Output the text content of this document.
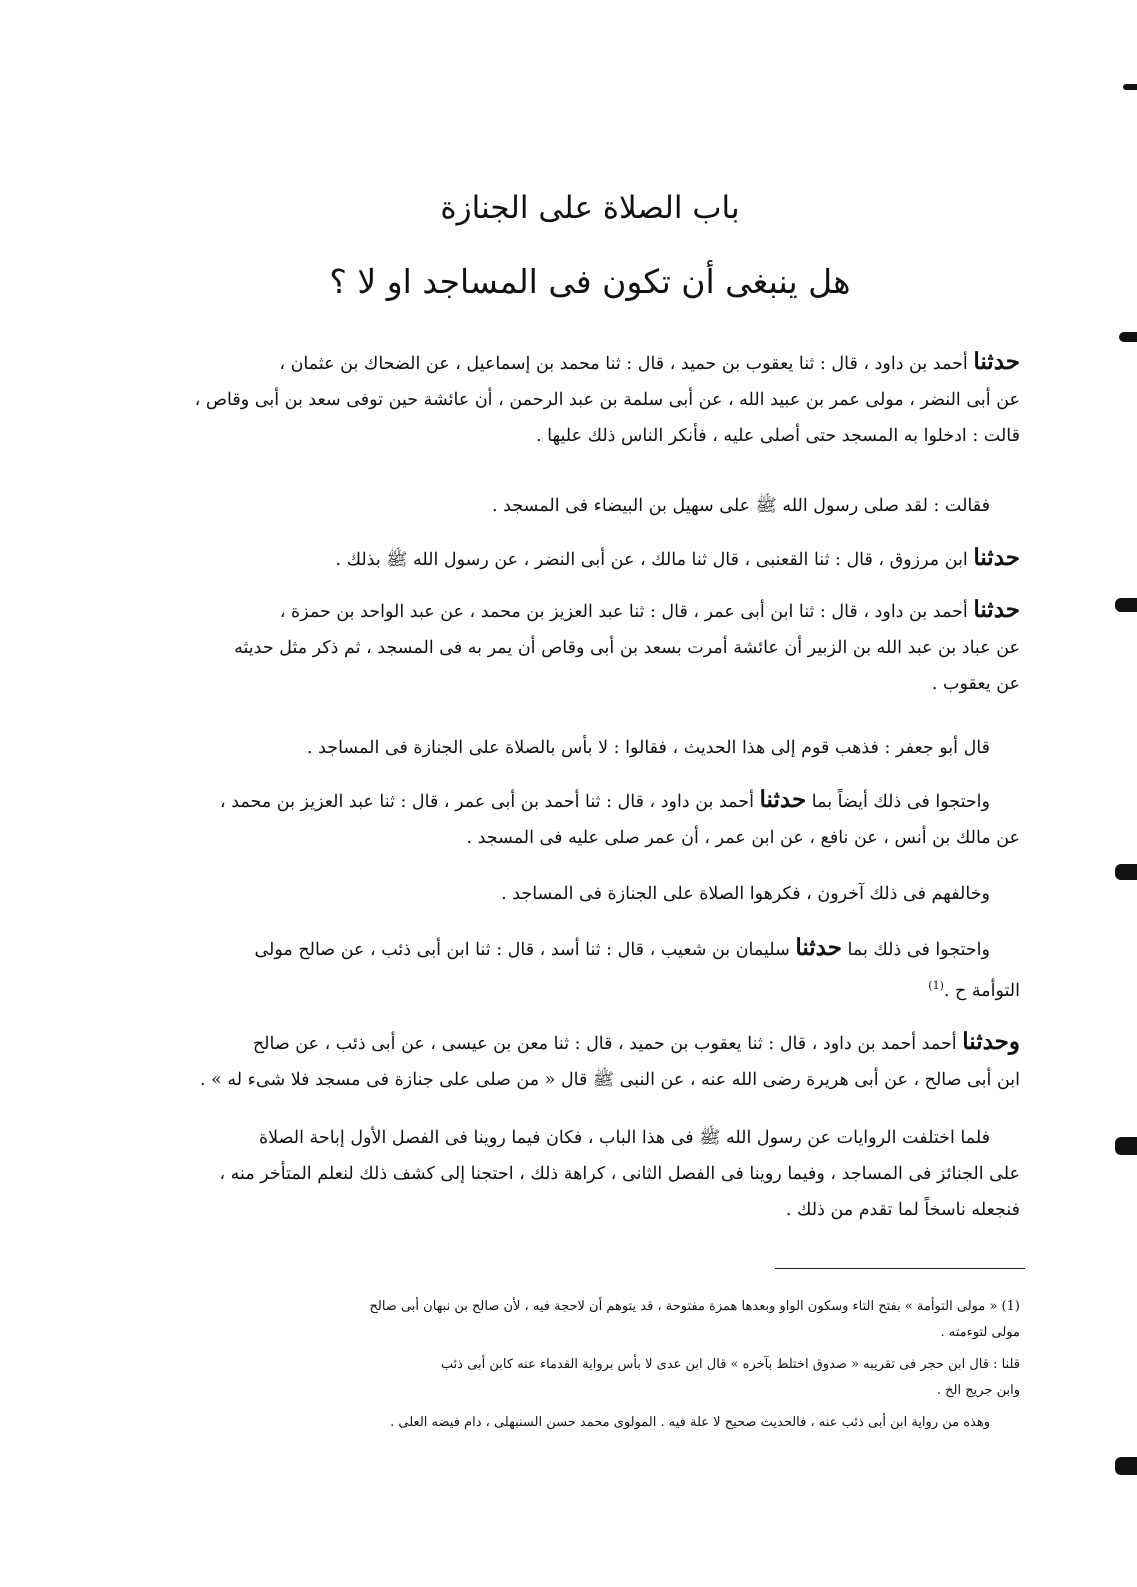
باب الصلاة على الجنازة
هل ينبغى أن تكون فى المساجد او لا ؟

حدثنا أحمد بن داود ، قال : ثنا يعقوب بن حميد ، قال : ثنا محمد بن إسماعيل ، عن الضحاك بن عثمان ،

عن أبى النضر ، مولى عمر بن عبيد الله ، عن أبى سلمة بن عبد الرحمن ، أن عائشة حين توفى سعد بن أبى وقاص ،

قالت : ادخلوا به المسجد حتى أصلى عليه ، فأنكر الناس ذلك عليها .

فقالت : لقد صلى رسول الله ﷺ على سهيل بن البيضاء فى المسجد .

حدثنا ابن مرزوق ، قال : ثنا القعنبى ، قال ثنا مالك ، عن أبى النضر ، عن رسول الله ﷺ بذلك .

حدثنا أحمد بن داود ، قال : ثنا ابن أبى عمر ، قال : ثنا عبد العزيز بن محمد ، عن عبد الواحد بن حمزة ،

عن عباد بن عبد الله بن الزبير أن عائشة أمرت بسعد بن أبى وقاص أن يمر به فى المسجد ، ثم ذكر مثل حديثه

عن يعقوب .

قال أبو جعفر : فذهب قوم إلى هذا الحديث ، فقالوا : لا بأس بالصلاة على الجنازة فى المساجد .

واحتجوا فى ذلك أيضاً بما حدثنا أحمد بن داود ، قال : ثنا أحمد بن أبى عمر ، قال : ثنا عبد العزيز بن محمد ،

عن مالك بن أنس ، عن نافع ، عن ابن عمر ، أن عمر صلى عليه فى المسجد .

وخالفهم فى ذلك آخرون ، فكرهوا الصلاة على الجنازة فى المساجد .

واحتجوا فى ذلك بما حدثنا سليمان بن شعيب ، قال : ثنا أسد ، قال : ثنا ابن أبى ذئب ، عن صالح مولى

التوأمة ح .$^{(1)}$

وحدثنا أحمد أحمد بن داود ، قال : ثنا يعقوب بن حميد ، قال : ثنا معن بن عيسى ، عن أبى ذئب ، عن صالح

ابن أبى صالح ، عن أبى هريرة رضى الله عنه ، عن النبى ﷺ قال « من صلى على جنازة فى مسجد فلا شىء له » .

فلما اختلفت الروايات عن رسول الله ﷺ فى هذا الباب ، فكان فيما روينا فى الفصل الأول إباحة الصلاة

على الجنائز فى المساجد ، وفيما روينا فى الفصل الثانى ، كراهة ذلك ، احتجنا إلى كشف ذلك لنعلم المتأخر منه ،

فنجعله ناسخاً لما تقدم من ذلك .

(1) « مولى التوأمة » بفتح التاء وسكون الواو وبعدها همزة مفتوحة ، قد يتوهم أن لاحجة فيه ، لأن صالح بن نبهان أبى صالح

مولى لتوءمته .

قلنا : قال ابن حجر فى تقريبه « صدوق اختلط بآخره » قال ابن عدى لا بأس برواية القدماء عنه كابن أبى ذئب

وابن جريج الخ .

وهذه من رواية ابن أبى ذئب عنه ، فالحديث صحيح لا علة فيه . المولوى محمد حسن السنبهلى ، دام فيضه العلى .
